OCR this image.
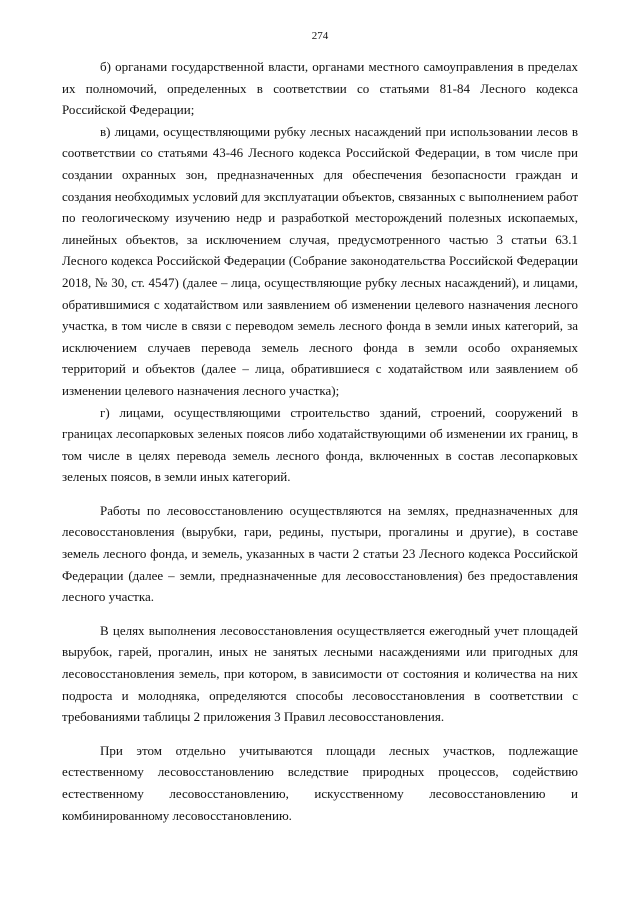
274

б) органами государственной власти, органами местного самоуправления в пределах их полномочий, определенных в соответствии со статьями 81-84 Лесного кодекса Российской Федерации;

в) лицами, осуществляющими рубку лесных насаждений при использовании лесов в соответствии со статьями 43-46 Лесного кодекса Российской Федерации, в том числе при создании охранных зон, предназначенных для обеспечения безопасности граждан и создания необходимых условий для эксплуатации объектов, связанных с выполнением работ по геологическому изучению недр и разработкой месторождений полезных ископаемых, линейных объектов, за исключением случая, предусмотренного частью 3 статьи 63.1 Лесного кодекса Российской Федерации (Собрание законодательства Российской Федерации 2018, № 30, ст. 4547) (далее – лица, осуществляющие рубку лесных насаждений), и лицами, обратившимися с ходатайством или заявлением об изменении целевого назначения лесного участка, в том числе в связи с переводом земель лесного фонда в земли иных категорий, за исключением случаев перевода земель лесного фонда в земли особо охраняемых территорий и объектов (далее – лица, обратившиеся с ходатайством или заявлением об изменении целевого назначения лесного участка);

г) лицами, осуществляющими строительство зданий, строений, сооружений в границах лесопарковых зеленых поясов либо ходатайствующими об изменении их границ, в том числе в целях перевода земель лесного фонда, включенных в состав лесопарковых зеленых поясов, в земли иных категорий.

Работы по лесовосстановлению осуществляются на землях, предназначенных для лесовосстановления (вырубки, гари, редины, пустыри, прогалины и другие), в составе земель лесного фонда, и земель, указанных в части 2 статьи 23 Лесного кодекса Российской Федерации (далее – земли, предназначенные для лесовосстановления) без предоставления лесного участка.

В целях выполнения лесовосстановления осуществляется ежегодный учет площадей вырубок, гарей, прогалин, иных не занятых лесными насаждениями или пригодных для лесовосстановления земель, при котором, в зависимости от состояния и количества на них подроста и молодняка, определяются способы лесовосстановления в соответствии с требованиями таблицы 2 приложения 3 Правил лесовосстановления.

При этом отдельно учитываются площади лесных участков, подлежащие естественному лесовосстановлению вследствие природных процессов, содействию естественному лесовосстановлению, искусственному лесовосстановлению и комбинированному лесовосстановлению.
